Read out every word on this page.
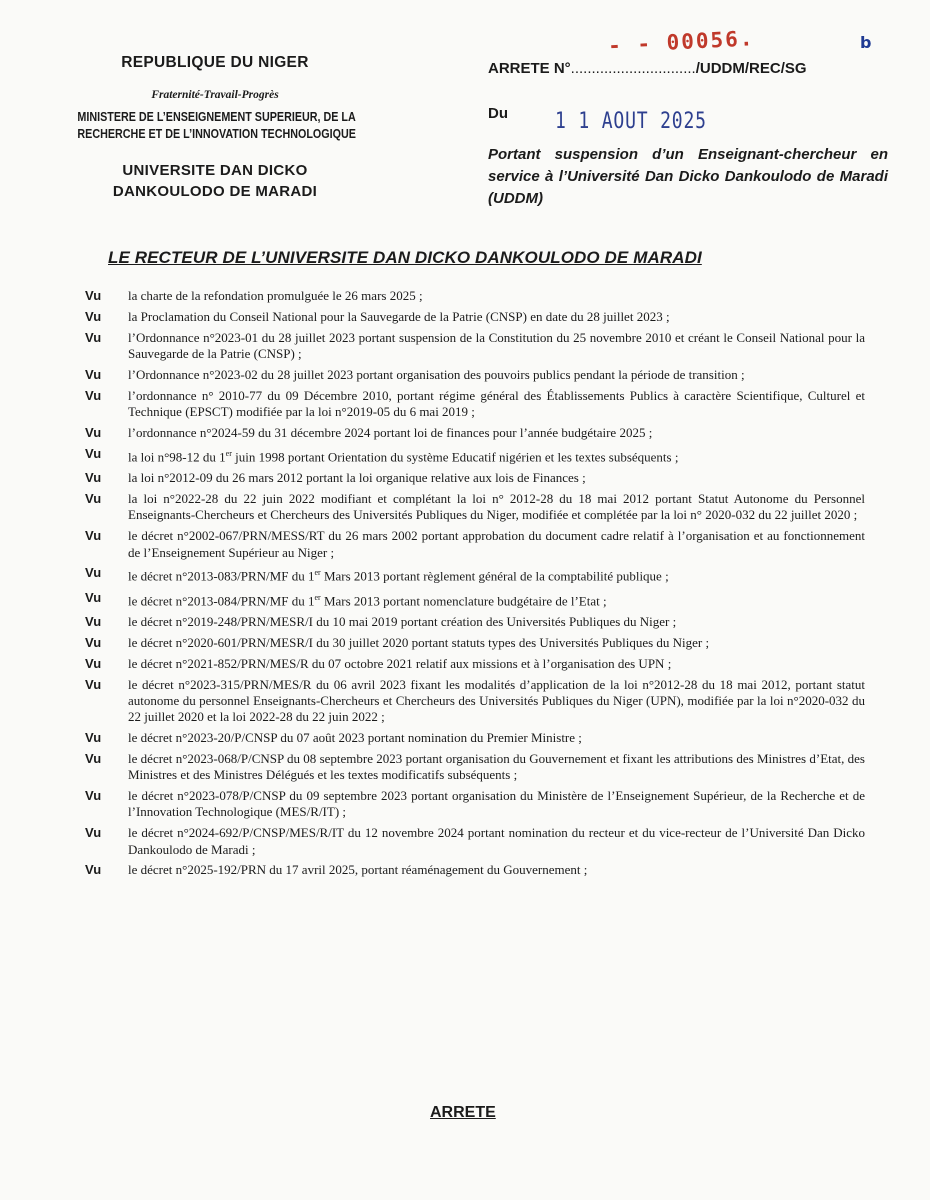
REPUBLIQUE DU NIGER
Fraternité-Travail-Progrès
MINISTERE DE L’ENSEIGNEMENT SUPERIEUR, DE LA
RECHERCHE ET DE L’INNOVATION TECHNOLOGIQUE
UNIVERSITE DAN DICKO
DANKOULODO DE MARADI
ARRETE N°............................../UDDM/REC/SG
- - 00056.	b
Du 1 1 AOUT 2025
Portant suspension d’un Enseignant-chercheur en service à l’Université Dan Dicko Dankoulodo de Maradi (UDDM)
LE RECTEUR DE L’UNIVERSITE DAN DICKO DANKOULODO DE MARADI
Vu	la charte de la refondation promulguée le 26 mars 2025 ;
Vu	la Proclamation du Conseil National pour la Sauvegarde de la Patrie (CNSP) en date du 28 juillet 2023 ;
Vu	l’Ordonnance n°2023-01 du 28 juillet 2023 portant suspension de la Constitution du 25 novembre 2010 et créant le Conseil National pour la Sauvegarde de la Patrie (CNSP) ;
Vu	l’Ordonnance n°2023-02 du 28 juillet 2023 portant organisation des pouvoirs publics pendant la période de transition ;
Vu	l’ordonnance n° 2010-77 du 09 Décembre 2010, portant régime général des Établissements Publics à caractère Scientifique, Culturel et Technique (EPSCT) modifiée par la loi n°2019-05 du 6 mai 2019 ;
Vu	l’ordonnance n°2024-59 du 31 décembre 2024 portant loi de finances pour l’année budgétaire 2025 ;
Vu	la loi n°98-12 du 1er juin 1998 portant Orientation du système Educatif nigérien et les textes subséquents ;
Vu	la loi n°2012-09 du 26 mars 2012 portant la loi organique relative aux lois de Finances ;
Vu	la loi n°2022-28 du 22 juin 2022 modifiant et complétant la loi n° 2012-28 du 18 mai 2012 portant Statut Autonome du Personnel Enseignants-Chercheurs et Chercheurs des Universités Publiques du Niger, modifiée et complétée par la loi n° 2020-032 du 22 juillet 2020 ;
Vu	le décret n°2002-067/PRN/MESS/RT du 26 mars 2002 portant approbation du document cadre relatif à l’organisation et au fonctionnement de l’Enseignement Supérieur au Niger ;
Vu	le décret n°2013-083/PRN/MF du 1er Mars 2013 portant règlement général de la comptabilité publique ;
Vu	le décret n°2013-084/PRN/MF du 1er Mars 2013 portant nomenclature budgétaire de l’Etat ;
Vu	le décret n°2019-248/PRN/MESR/I du 10 mai 2019 portant création des Universités Publiques du Niger ;
Vu	le décret n°2020-601/PRN/MESR/I du 30 juillet 2020 portant statuts types des Universités Publiques du Niger ;
Vu	le décret n°2021-852/PRN/MES/R du 07 octobre 2021 relatif aux missions et à l’organisation des UPN ;
Vu	le décret n°2023-315/PRN/MES/R du 06 avril 2023 fixant les modalités d’application de la loi n°2012-28 du 18 mai 2012, portant statut autonome du personnel Enseignants-Chercheurs et Chercheurs des Universités Publiques du Niger (UPN), modifiée par la loi n°2020-032 du 22 juillet 2020 et la loi 2022-28 du 22 juin 2022 ;
Vu	le décret n°2023-20/P/CNSP du 07 août 2023 portant nomination du Premier Ministre ;
Vu	le décret n°2023-068/P/CNSP du 08 septembre 2023 portant organisation du Gouvernement et fixant les attributions des Ministres d’Etat, des Ministres et des Ministres Délégués et les textes modificatifs subséquents ;
Vu	le décret n°2023-078/P/CNSP du 09 septembre 2023 portant organisation du Ministère de l’Enseignement Supérieur, de la Recherche et de l’Innovation Technologique (MES/R/IT) ;
Vu	le décret n°2024-692/P/CNSP/MES/R/IT du 12 novembre 2024 portant nomination du recteur et du vice-recteur de l’Université Dan Dicko Dankoulodo de Maradi ;
Vu	le décret n°2025-192/PRN du 17 avril 2025, portant réaménagement du Gouvernement ;
ARRETE
